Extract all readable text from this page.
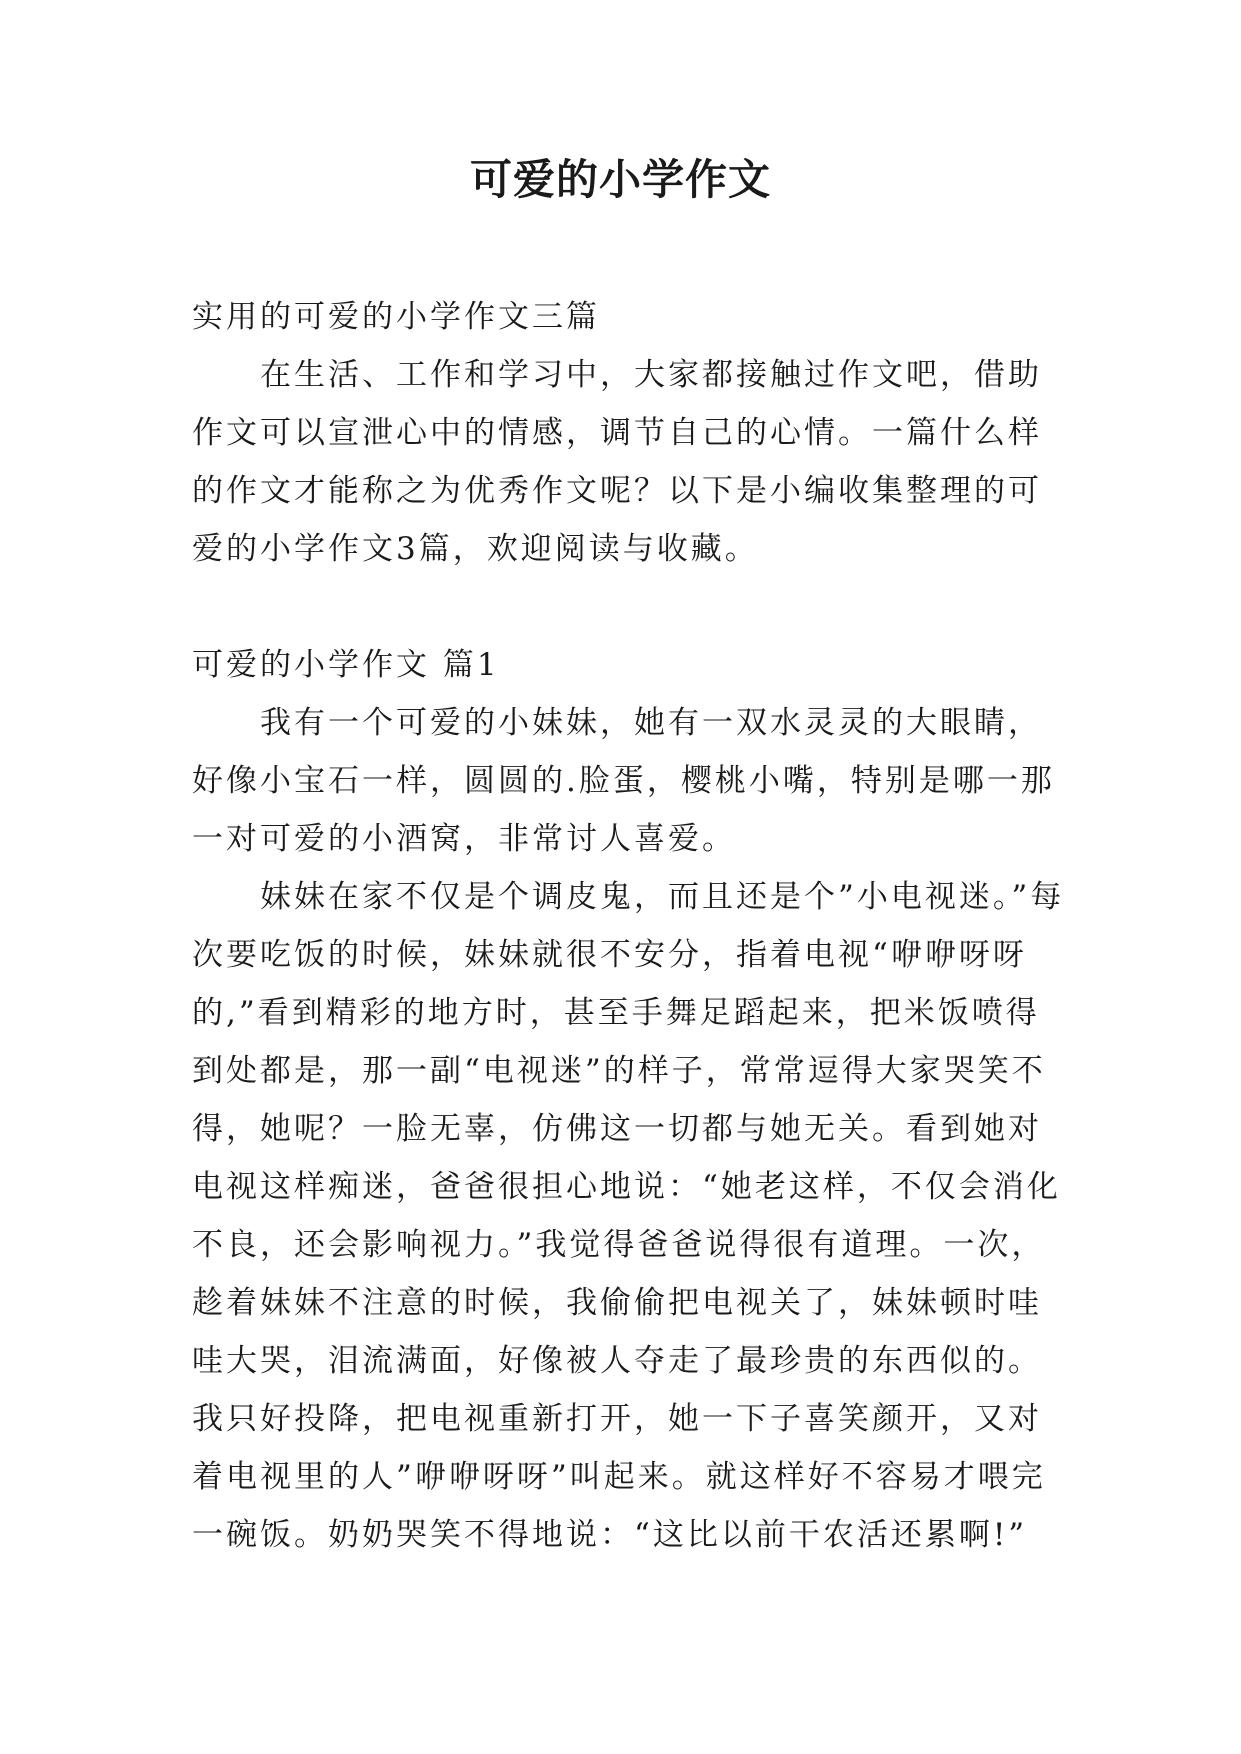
可爱的小学作文

实用的可爱的小学作文三篇

在生活、工作和学习中，大家都接触过作文吧，借助作文可以宣泄心中的情感，调节自己的心情。一篇什么样的作文才能称之为优秀作文呢？以下是小编收集整理的可爱的小学作文3篇，欢迎阅读与收藏。

可爱的小学作文 篇1

我有一个可爱的小妹妹，她有一双水灵灵的大眼睛，好像小宝石一样，圆圆的.脸蛋，樱桃小嘴，特别是哪一那一对可爱的小酒窝，非常讨人喜爱。

妹妹在家不仅是个调皮鬼，而且还是个”小电视迷。”每次要吃饭的时候，妹妹就很不安分，指着电视“咿咿呀呀的,”看到精彩的地方时，甚至手舞足蹈起来，把米饭喷得到处都是，那一副“电视迷”的样子，常常逗得大家哭笑不得，她呢？一脸无辜，仿佛这一切都与她无关。看到她对电视这样痴迷，爸爸很担心地说：“她老这样，不仅会消化不良，还会影响视力。”我觉得爸爸说得很有道理。一次，趁着妹妹不注意的时候，我偷偷把电视关了，妹妹顿时哇哇大哭，泪流满面，好像被人夺走了最珍贵的东西似的。我只好投降，把电视重新打开，她一下子喜笑颜开，又对着电视里的人”咿咿呀呀”叫起来。就这样好不容易才喂完一碗饭。奶奶哭笑不得地说：“这比以前干农活还累啊!”
